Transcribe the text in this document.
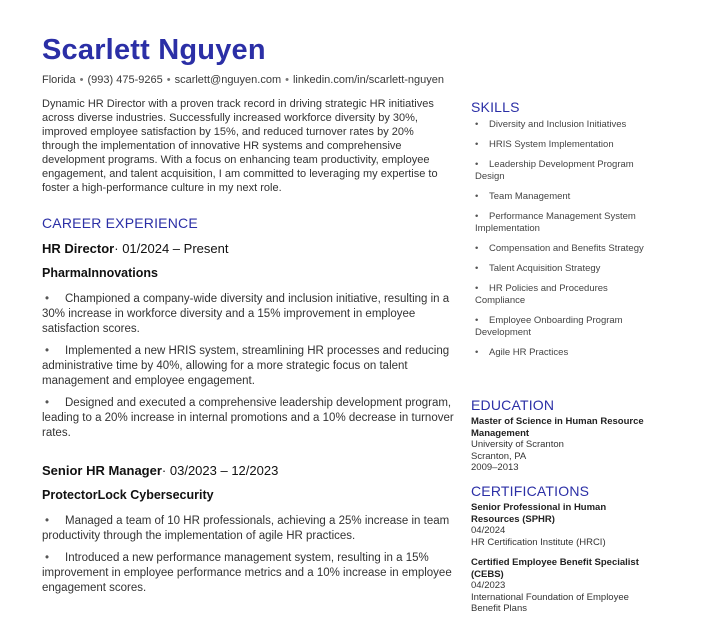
Scarlett Nguyen
Florida • (993) 475-9265 • scarlett@nguyen.com • linkedin.com/in/scarlett-nguyen
Dynamic HR Director with a proven track record in driving strategic HR initiatives across diverse industries. Successfully increased workforce diversity by 30%, improved employee satisfaction by 15%, and reduced turnover rates by 20% through the implementation of innovative HR systems and comprehensive development programs. With a focus on enhancing team productivity, employee engagement, and talent acquisition, I am committed to leveraging my expertise to foster a high-performance culture in my next role.
CAREER EXPERIENCE
HR Director· 01/2024 – Present
PharmaInnovations
• Championed a company-wide diversity and inclusion initiative, resulting in a 30% increase in workforce diversity and a 15% improvement in employee satisfaction scores.
• Implemented a new HRIS system, streamlining HR processes and reducing administrative time by 40%, allowing for a more strategic focus on talent management and employee engagement.
• Designed and executed a comprehensive leadership development program, leading to a 20% increase in internal promotions and a 10% decrease in turnover rates.
Senior HR Manager· 03/2023 – 12/2023
ProtectorLock Cybersecurity
• Managed a team of 10 HR professionals, achieving a 25% increase in team productivity through the implementation of agile HR practices.
• Introduced a new performance management system, resulting in a 15% improvement in employee performance metrics and a 10% increase in employee engagement scores.
SKILLS
• Diversity and Inclusion Initiatives
• HRIS System Implementation
• Leadership Development Program Design
• Team Management
• Performance Management System Implementation
• Compensation and Benefits Strategy
• Talent Acquisition Strategy
• HR Policies and Procedures Compliance
• Employee Onboarding Program Development
• Agile HR Practices
EDUCATION
Master of Science in Human Resource Management
University of Scranton
Scranton, PA
2009–2013
CERTIFICATIONS
Senior Professional in Human Resources (SPHR)
04/2024
HR Certification Institute (HRCI)
Certified Employee Benefit Specialist (CEBS)
04/2023
International Foundation of Employee Benefit Plans
